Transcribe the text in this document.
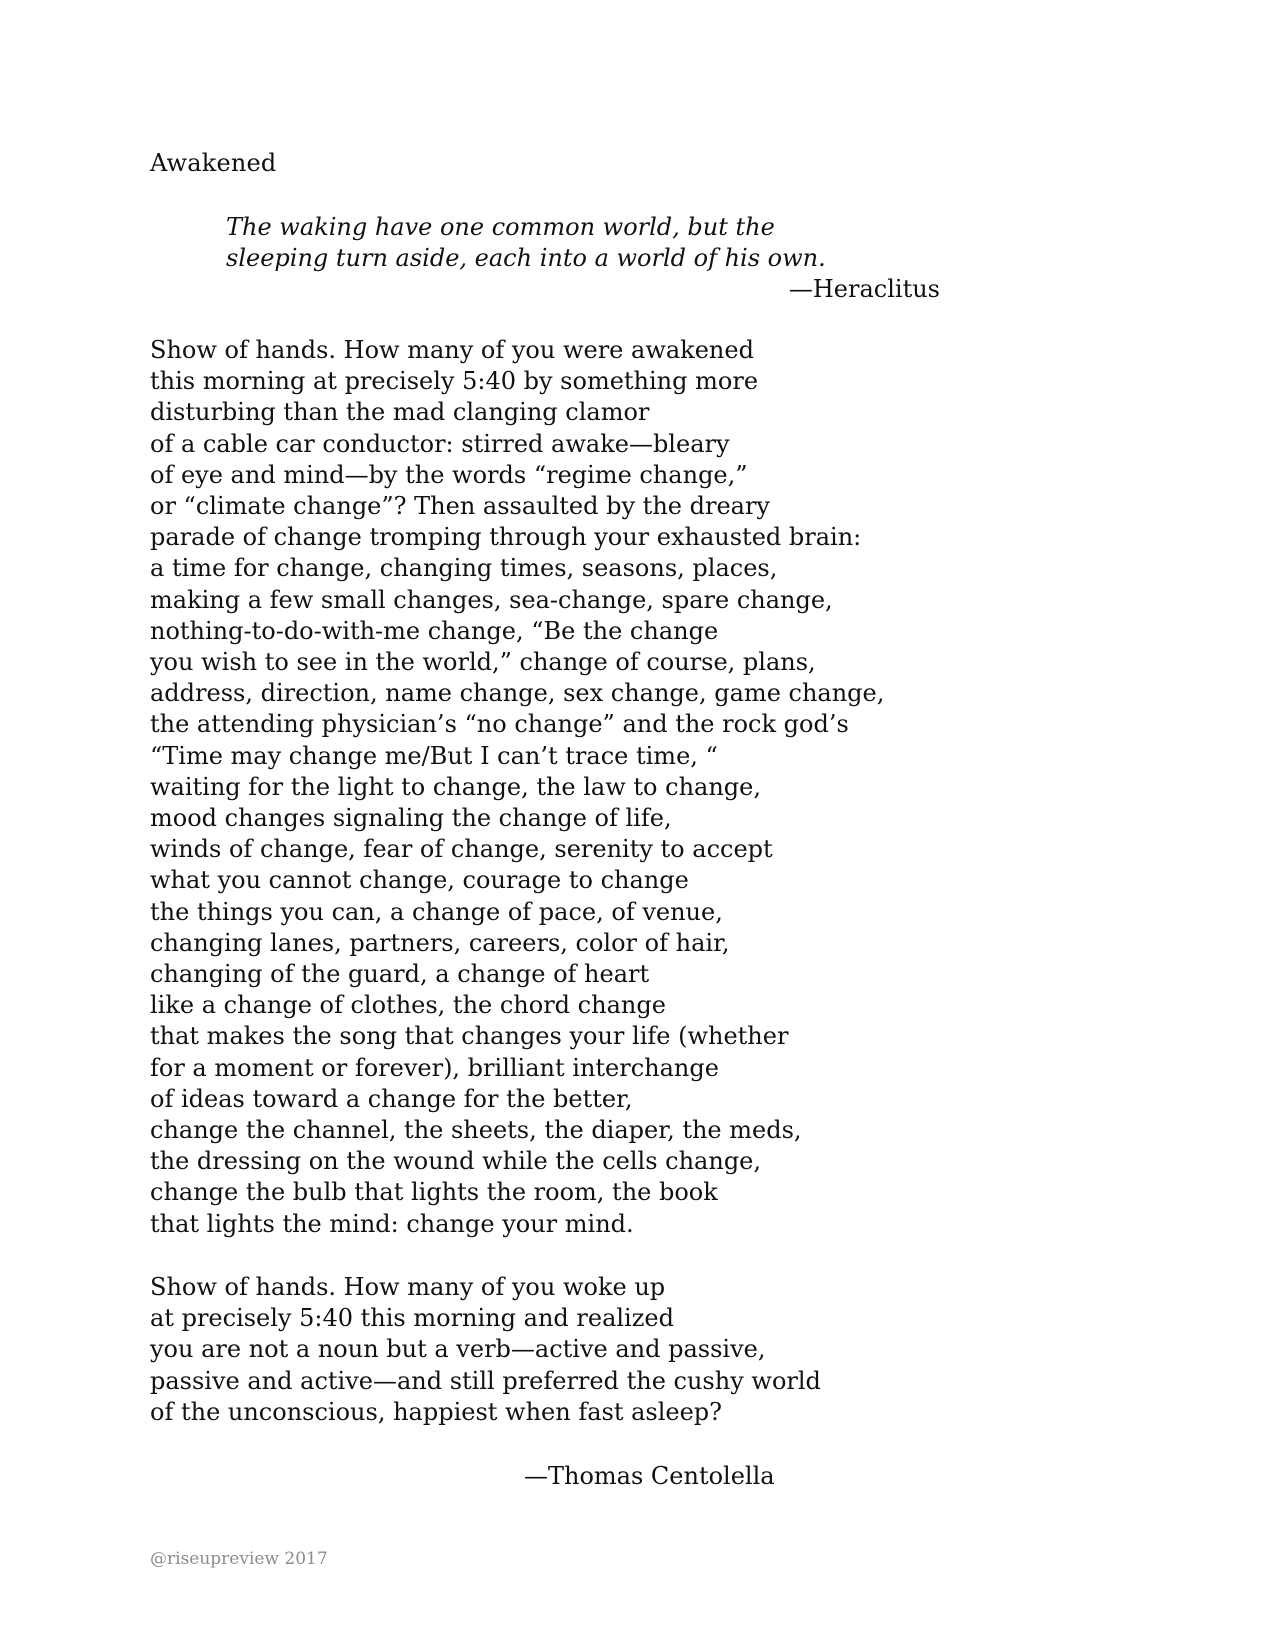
Awakened
The waking have one common world, but the
sleeping turn aside, each into a world of his own.
—Heraclitus
Show of hands. How many of you were awakened
this morning at precisely 5:40 by something more
disturbing than the mad clanging clamor
of a cable car conductor: stirred awake—bleary
of eye and mind—by the words “regime change,”
or “climate change”? Then assaulted by the dreary
parade of change tromping through your exhausted brain:
a time for change, changing times, seasons, places,
making a few small changes, sea-change, spare change,
nothing-to-do-with-me change, “Be the change
you wish to see in the world,” change of course, plans,
address, direction, name change, sex change, game change,
the attending physician’s “no change” and the rock god’s
“Time may change me/But I can’t trace time, “
waiting for the light to change, the law to change,
mood changes signaling the change of life,
winds of change, fear of change, serenity to accept
what you cannot change, courage to change
the things you can, a change of pace, of venue,
changing lanes, partners, careers, color of hair,
changing of the guard, a change of heart
like a change of clothes, the chord change
that makes the song that changes your life (whether
for a moment or forever), brilliant interchange
of ideas toward a change for the better,
change the channel, the sheets, the diaper, the meds,
the dressing on the wound while the cells change,
change the bulb that lights the room, the book
that lights the mind: change your mind.
Show of hands. How many of you woke up
at precisely 5:40 this morning and realized
you are not a noun but a verb—active and passive,
passive and active—and still preferred the cushy world
of the unconscious, happiest when fast asleep?
—Thomas Centolella
@riseupreview 2017
